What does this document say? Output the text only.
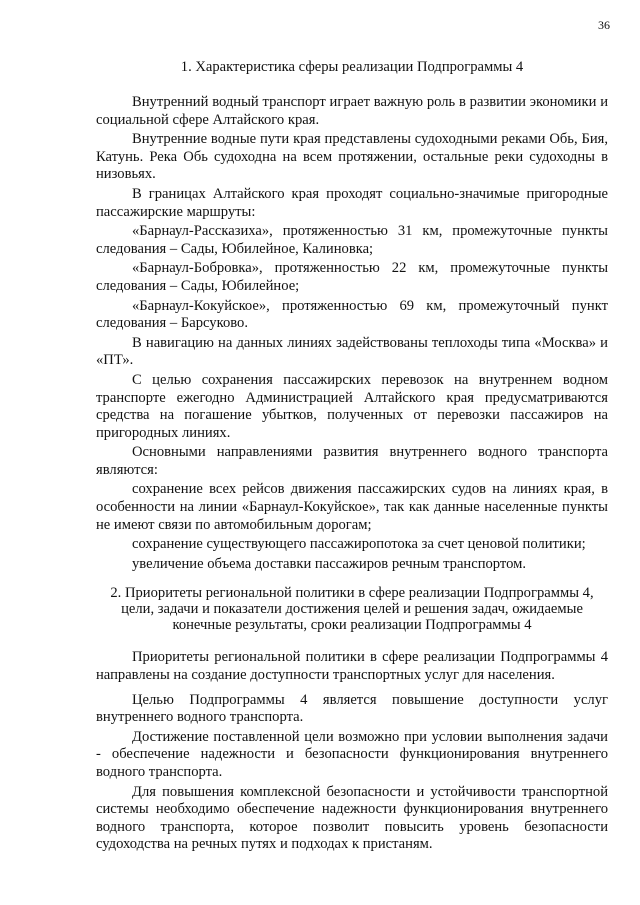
36
1. Характеристика сферы реализации Подпрограммы 4

Внутренний водный транспорт играет важную роль в развитии экономики и социальной сфере Алтайского края.

Внутренние водные пути края представлены судоходными реками Обь, Бия, Катунь. Река Обь судоходна на всем протяжении, остальные реки судоходны в низовьях.

В границах Алтайского края проходят социально-значимые пригородные пассажирские маршруты:

«Барнаул-Рассказиха», протяженностью 31 км, промежуточные пункты следования – Сады, Юбилейное, Калиновка;

«Барнаул-Бобровка», протяженностью 22 км, промежуточные пункты следования – Сады, Юбилейное;

«Барнаул-Кокуйское», протяженностью 69 км, промежуточный пункт следования – Барсуково.

В навигацию на данных линиях задействованы теплоходы типа «Москва» и «ПТ».

С целью сохранения пассажирских перевозок на внутреннем водном транспорте ежегодно Администрацией Алтайского края предусматриваются средства на погашение убытков, полученных от перевозки пассажиров на пригородных линиях.

Основными направлениями развития внутреннего водного транспорта являются:

сохранение всех рейсов движения пассажирских судов на линиях края, в особенности на линии «Барнаул-Кокуйское», так как данные населенные пункты не имеют связи по автомобильным дорогам;

сохранение существующего пассажиропотока за счет ценовой политики;

увеличение объема доставки пассажиров речным транспортом.

2. Приоритеты региональной политики в сфере реализации Подпрограммы 4, цели, задачи и показатели достижения целей и решения задач, ожидаемые конечные результаты, сроки реализации Подпрограммы 4

Приоритеты региональной политики в сфере реализации Подпрограммы 4 направлены на создание доступности транспортных услуг для населения.

Целью Подпрограммы 4 является повышение доступности услуг внутреннего водного транспорта.

Достижение поставленной цели возможно при условии выполнения задачи - обеспечение надежности и безопасности функционирования внутреннего водного транспорта.

Для повышения комплексной безопасности и устойчивости транспортной системы необходимо обеспечение надежности функционирования внутреннего водного транспорта, которое позволит повысить уровень безопасности судоходства на речных путях и подходах к пристаням.
